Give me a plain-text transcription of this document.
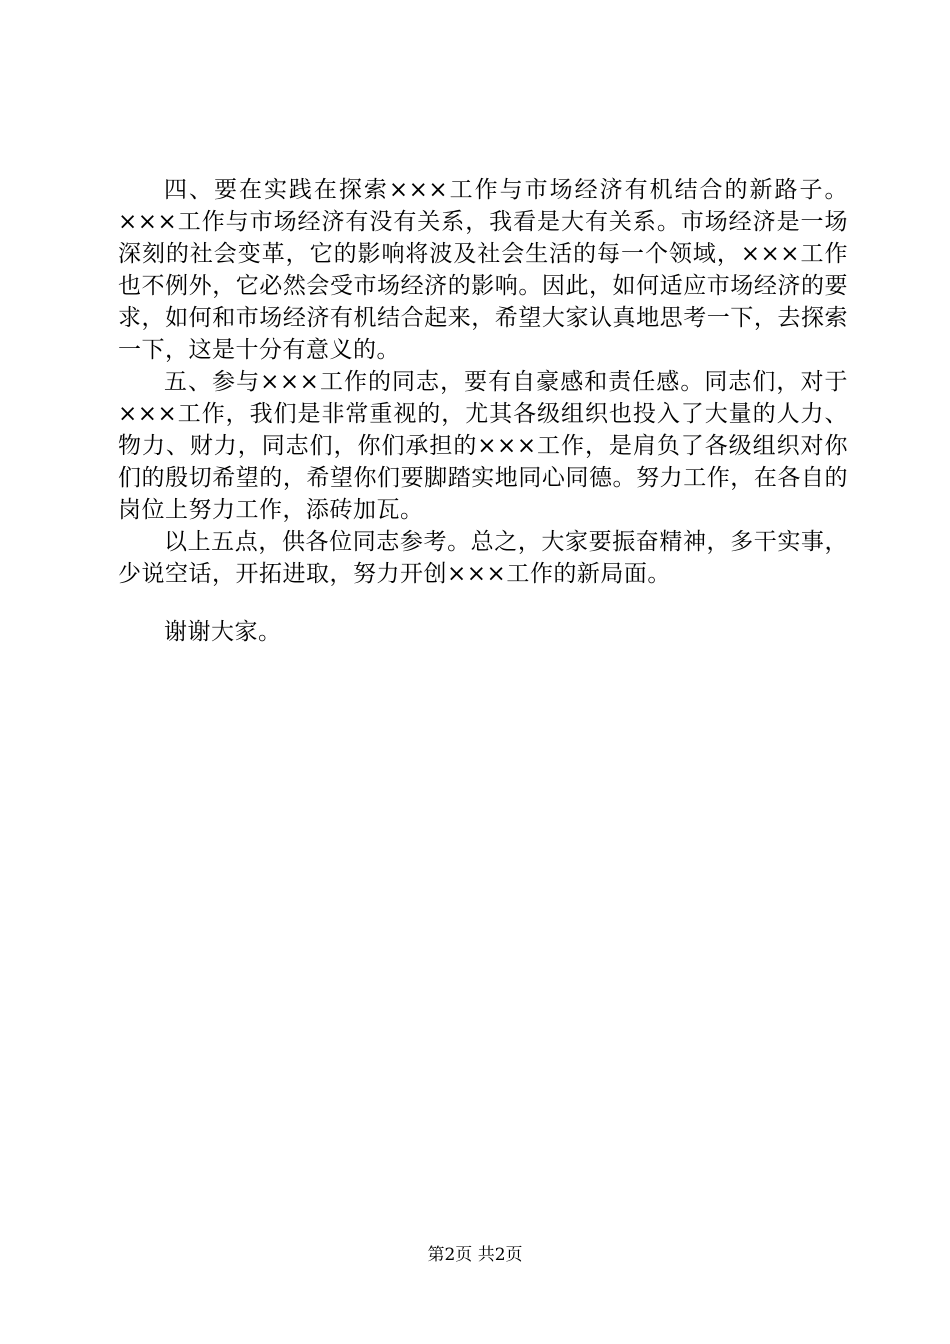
四、要在实践在探索×××工作与市场经济有机结合的新路子。×××工作与市场经济有没有关系，我看是大有关系。市场经济是一场深刻的社会变革，它的影响将波及社会生活的每一个领域，×××工作也不例外，它必然会受市场经济的影响。因此，如何适应市场经济的要求，如何和市场经济有机结合起来，希望大家认真地思考一下，去探索一下，这是十分有意义的。

五、参与×××工作的同志，要有自豪感和责任感。同志们，对于×××工作，我们是非常重视的，尤其各级组织也投入了大量的人力、物力、财力，同志们，你们承担的×××工作，是肩负了各级组织对你们的殷切希望的，希望你们要脚踏实地同心同德。努力工作，在各自的岗位上努力工作，添砖加瓦。

以上五点，供各位同志参考。总之，大家要振奋精神，多干实事，少说空话，开拓进取，努力开创×××工作的新局面。

谢谢大家。

第2页 共2页
